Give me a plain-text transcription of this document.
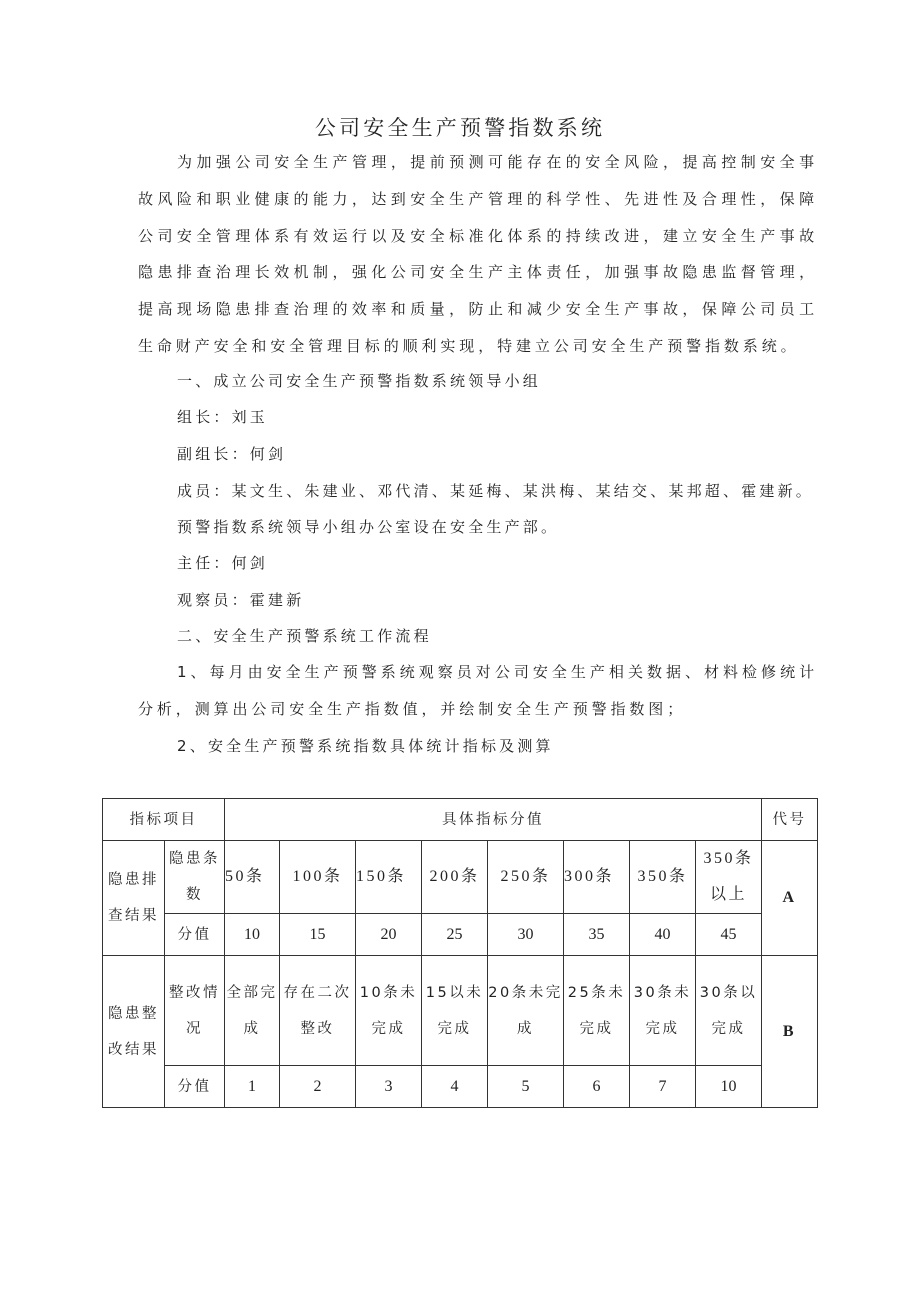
公司安全生产预警指数系统

为加强公司安全生产管理，提前预测可能存在的安全风险，提高控制安全事故风险和职业健康的能力，达到安全生产管理的科学性、先进性及合理性，保障公司安全管理体系有效运行以及安全标准化体系的持续改进，建立安全生产事故隐患排查治理长效机制，强化公司安全生产主体责任，加强事故隐患监督管理，提高现场隐患排查治理的效率和质量，防止和减少安全生产事故，保障公司员工生命财产安全和安全管理目标的顺利实现，特建立公司安全生产预警指数系统。

一、成立公司安全生产预警指数系统领导小组
组长：刘玉
副组长：何剑
成员：某文生、朱建业、邓代清、某延梅、某洪梅、某结交、某邦超、霍建新。
预警指数系统领导小组办公室设在安全生产部。
主任：何剑
观察员：霍建新
二、安全生产预警系统工作流程

1、每月由安全生产预警系统观察员对公司安全生产相关数据、材料检修统计分析，测算出公司安全生产指数值，并绘制安全生产预警指数图；

2、安全生产预警系统指数具体统计指标及测算
指标项目		具体指标分值								代号
隐患排查结果	隐患条数	50条	100条	150条	200条	250条	300条	350条	350条以上	A
	分值	10	15	20	25	30	35	40	45	
隐患整改结果	整改情况	全部完成	存在二次整改	10条未完成	15以未完成	20条未完成	25条未完成	30条未完成	30条以完成	B
	分值	1	2	3	4	5	6	7	10	
